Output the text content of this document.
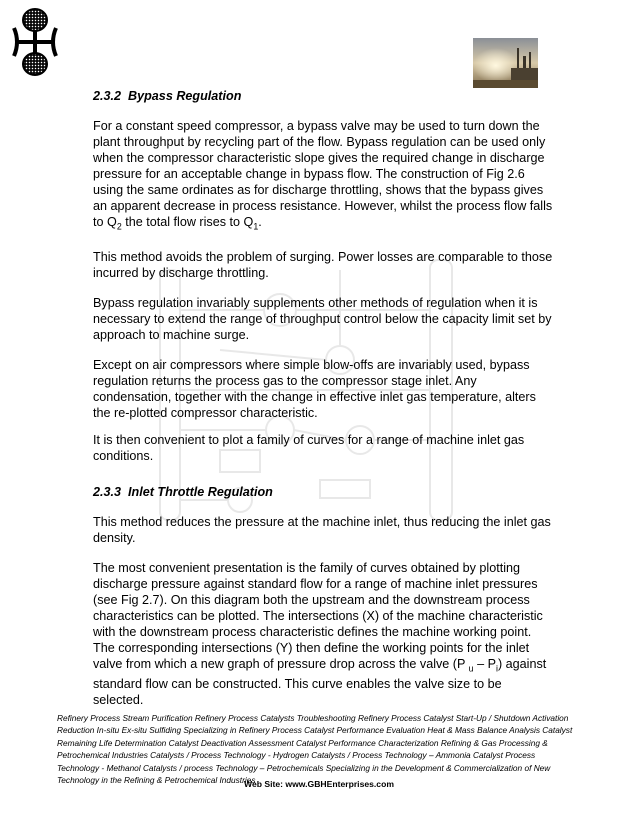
2.3.2 Bypass Regulation

For a constant speed compressor, a bypass valve may be used to turn down the plant throughput by recycling part of the flow. Bypass regulation can be used only when the compressor characteristic slope gives the required change in discharge pressure for an acceptable change in bypass flow. The construction of Fig 2.6 using the same ordinates as for discharge throttling, shows that the bypass gives an apparent decrease in process resistance. However, whilst the process flow falls to $Q_2$ the total flow rises to $Q_1$.

This method avoids the problem of surging. Power losses are comparable to those incurred by discharge throttling.

Bypass regulation invariably supplements other methods of regulation when it is necessary to extend the range of throughput control below the capacity limit set by approach to machine surge.

Except on air compressors where simple blow-offs are invariably used, bypass regulation returns the process gas to the compressor stage inlet. Any condensation, together with the change in effective inlet gas temperature, alters the re-plotted compressor characteristic.

It is then convenient to plot a family of curves for a range of machine inlet gas conditions.

2.3.3 Inlet Throttle Regulation

This method reduces the pressure at the machine inlet, thus reducing the inlet gas density.

The most convenient presentation is the family of curves obtained by plotting discharge pressure against standard flow for a range of machine inlet pressures (see Fig 2.7). On this diagram both the upstream and the downstream process characteristics can be plotted. The intersections (X) of the machine characteristic with the downstream process characteristic defines the machine working point. The corresponding intersections (Y) then define the working points for the inlet valve from which a new graph of pressure drop across the valve (P $_u - P_i$) against standard flow can be constructed. This curve enables the valve size to be selected.

Refinery Process Stream Purification Refinery Process Catalysts Troubleshooting Refinery Process Catalyst Start-Up / Shutdown Activation Reduction In-situ Ex-situ Sulfiding Specializing in Refinery Process Catalyst Performance Evaluation Heat & Mass Balance Analysis Catalyst Remaining Life Determination Catalyst Deactivation Assessment Catalyst Performance Characterization Refining & Gas Processing & Petrochemical Industries Catalysts / Process Technology - Hydrogen Catalysts / Process Technology – Ammonia Catalyst Process Technology - Methanol Catalysts / process Technology – Petrochemicals Specializing in the Development & Commercialization of New Technology in the Refining & Petrochemical Industries
Web Site: www.GBHEnterprises.com
